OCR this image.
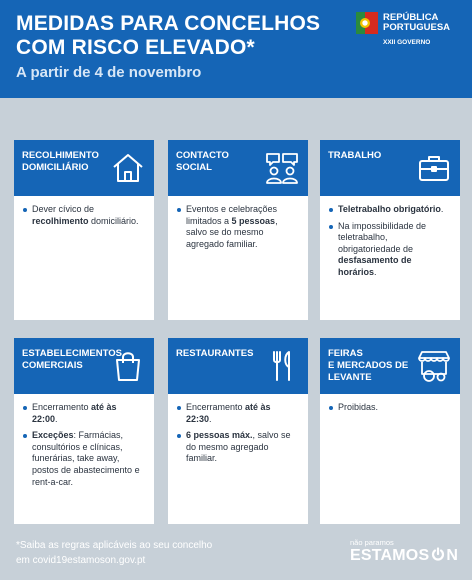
MEDIDAS PARA CONCELHOS
COM RISCO ELEVADO*
A partir de 4 de novembro
REPÚBLICA
PORTUGUESA
XXII GOVERNO
RECOLHIMENTO
DOMICILIÁRIO
Dever cívico de recolhimento domiciliário.
CONTACTO
SOCIAL
Eventos e celebrações limitados a 5 pessoas, salvo se do mesmo agregado familiar.
TRABALHO
Teletrabalho obrigatório.
Na impossibilidade de teletrabalho, obrigatoriedade de desfasamento de horários.
ESTABELECIMENTOS
COMERCIAIS
Encerramento até às 22:00.
Exceções: Farmácias, consultórios e clínicas, funerárias, take away, postos de abastecimento e rent-a-car.
RESTAURANTES
Encerramento até às 22:30.
6 pessoas máx., salvo se do mesmo agregado familiar.
FEIRAS
E MERCADOS DE LEVANTE
Proibidas.
*Saiba as regras aplicáveis ao seu concelho
em covid19estamoson.gov.pt
não paramos
ESTAMOS N
